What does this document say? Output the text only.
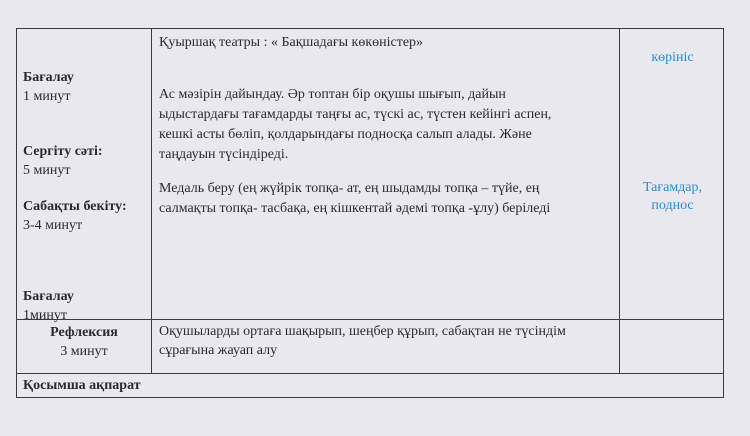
Бағалау
1 минут
Сергіту сәті:
5 минут
Сабақты бекіту:
3-4 минут
Бағалау
1минут
Қуыршақ театры : « Бақшадағы көкөністер»
Ас мәзірін дайындау. Әр топтан бір оқушы шығып, дайын
ыдыстардағы тағамдарды таңғы ас, түскі ас, түстен кейінгі аспен,
кешкі асты бөліп, қолдарындағы подносқа салып алады. Және
таңдауын түсіндіреді.
Медаль беру (ең жүйрік топқа- ат, ең шыдамды топқа – түйе, ең
салмақты топқа- тасбақа, ең кішкентай әдемі топқа -ұлу) беріледі
көрініс
Тағамдар,
поднос
Рефлексия
3 минут
Оқушыларды ортаға шақырып, шеңбер құрып, сабақтан не түсіндім
сұрағына жауап алу
Қосымша ақпарат
